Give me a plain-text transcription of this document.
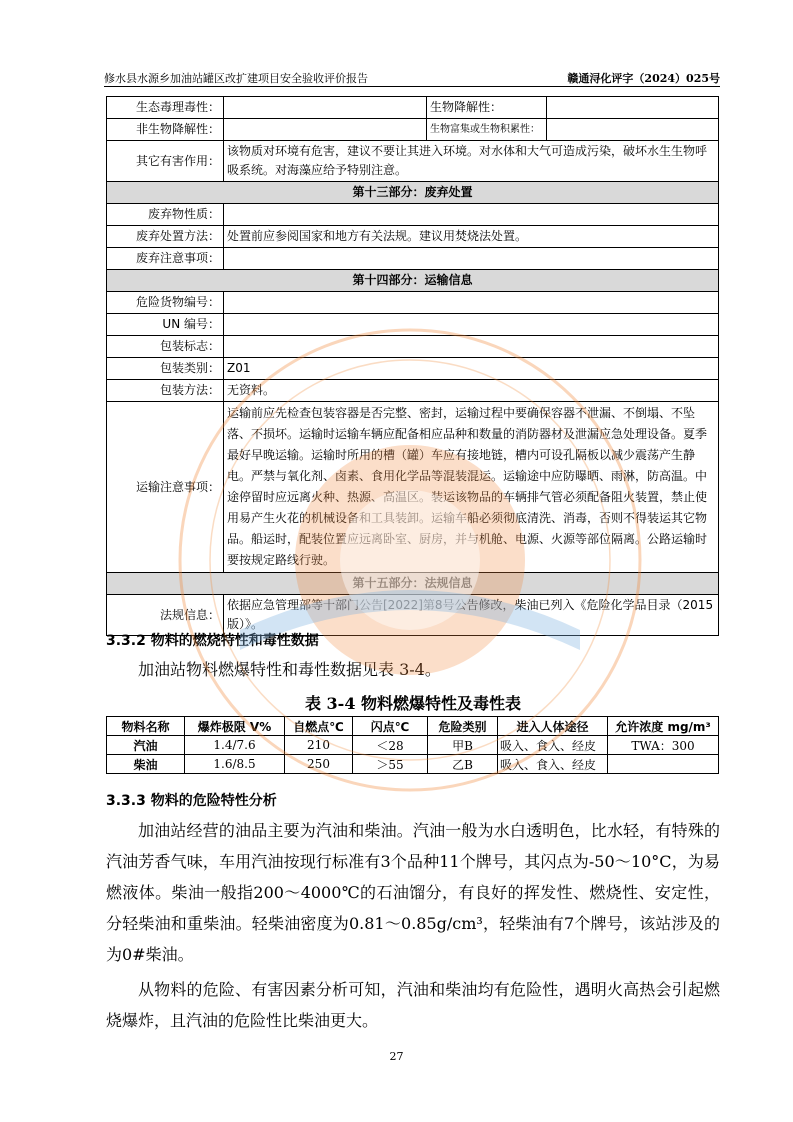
修水县水源乡加油站罐区改扩建项目安全验收评价报告	赣通浔化评字（2024）025号
生态毒理毒性：		生物降解性：	
非生物降解性：		生物富集或生物积累性：	
其它有害作用：	该物质对环境有危害，建议不要让其进入环境。对水体和大气可造成污染，破坏水生生物呼吸系统。对海藻应给予特别注意。		
第十三部分：废弃处置			
废弃物性质：			
废弃处置方法：	处置前应参阅国家和地方有关法规。建议用焚烧法处置。		
废弃注意事项：			
第十四部分：运输信息			
危险货物编号：			
UN 编号：			
包装标志：			
包装类别：	Z01		
包装方法：	无资料。		
运输注意事项：	运输前应先检查包装容器是否完整、密封，运输过程中要确保容器不泄漏、不倒塌、不坠落、不损坏。运输时运输车辆应配备相应品种和数量的消防器材及泄漏应急处理设备。夏季最好早晚运输。运输时所用的槽（罐）车应有接地链，槽内可设孔隔板以减少震荡产生静电。严禁与氧化剂、卤素、食用化学品等混装混运。运输途中应防曝晒、雨淋，防高温。中途停留时应远离火种、热源、高温区。装运该物品的车辆排气管必须配备阻火装置，禁止使用易产生火花的机械设备和工具装卸。运输车船必须彻底清洗、消毒，否则不得装运其它物品。船运时，配装位置应远离卧室、厨房，并与机舱、电源、火源等部位隔离。公路运输时要按规定路线行驶。		
第十五部分：法规信息			
法规信息：	依据应急管理部等十部门公告[2022]第8号公告修改，柴油已列入《危险化学品目录（2015版）》。		
3.3.2 物料的燃烧特性和毒性数据

加油站物料燃爆特性和毒性数据见表 3-4。

表 3-4 物料燃爆特性及毒性表
物料名称	爆炸极限 V%	自燃点℃	闪点℃	危险类别	进入人体途径	允许浓度 mg/m³
汽油	1.4/7.6	210	＜28	甲B	吸入、食入、经皮	TWA：300
柴油	1.6/8.5	250	＞55	乙B	吸入、食入、经皮	
3.3.3 物料的危险特性分析

加油站经营的油品主要为汽油和柴油。汽油一般为水白透明色，比水轻，有特殊的汽油芳香气味，车用汽油按现行标准有3个品种11个牌号，其闪点为-50～10°C，为易燃液体。柴油一般指200～4000℃的石油馏分，有良好的挥发性、燃烧性、安定性，分轻柴油和重柴油。轻柴油密度为0.81～0.85g/cm³，轻柴油有7个牌号，该站涉及的为0#柴油。

从物料的危险、有害因素分析可知，汽油和柴油均有危险性，遇明火高热会引起燃烧爆炸，且汽油的危险性比柴油更大。

27
